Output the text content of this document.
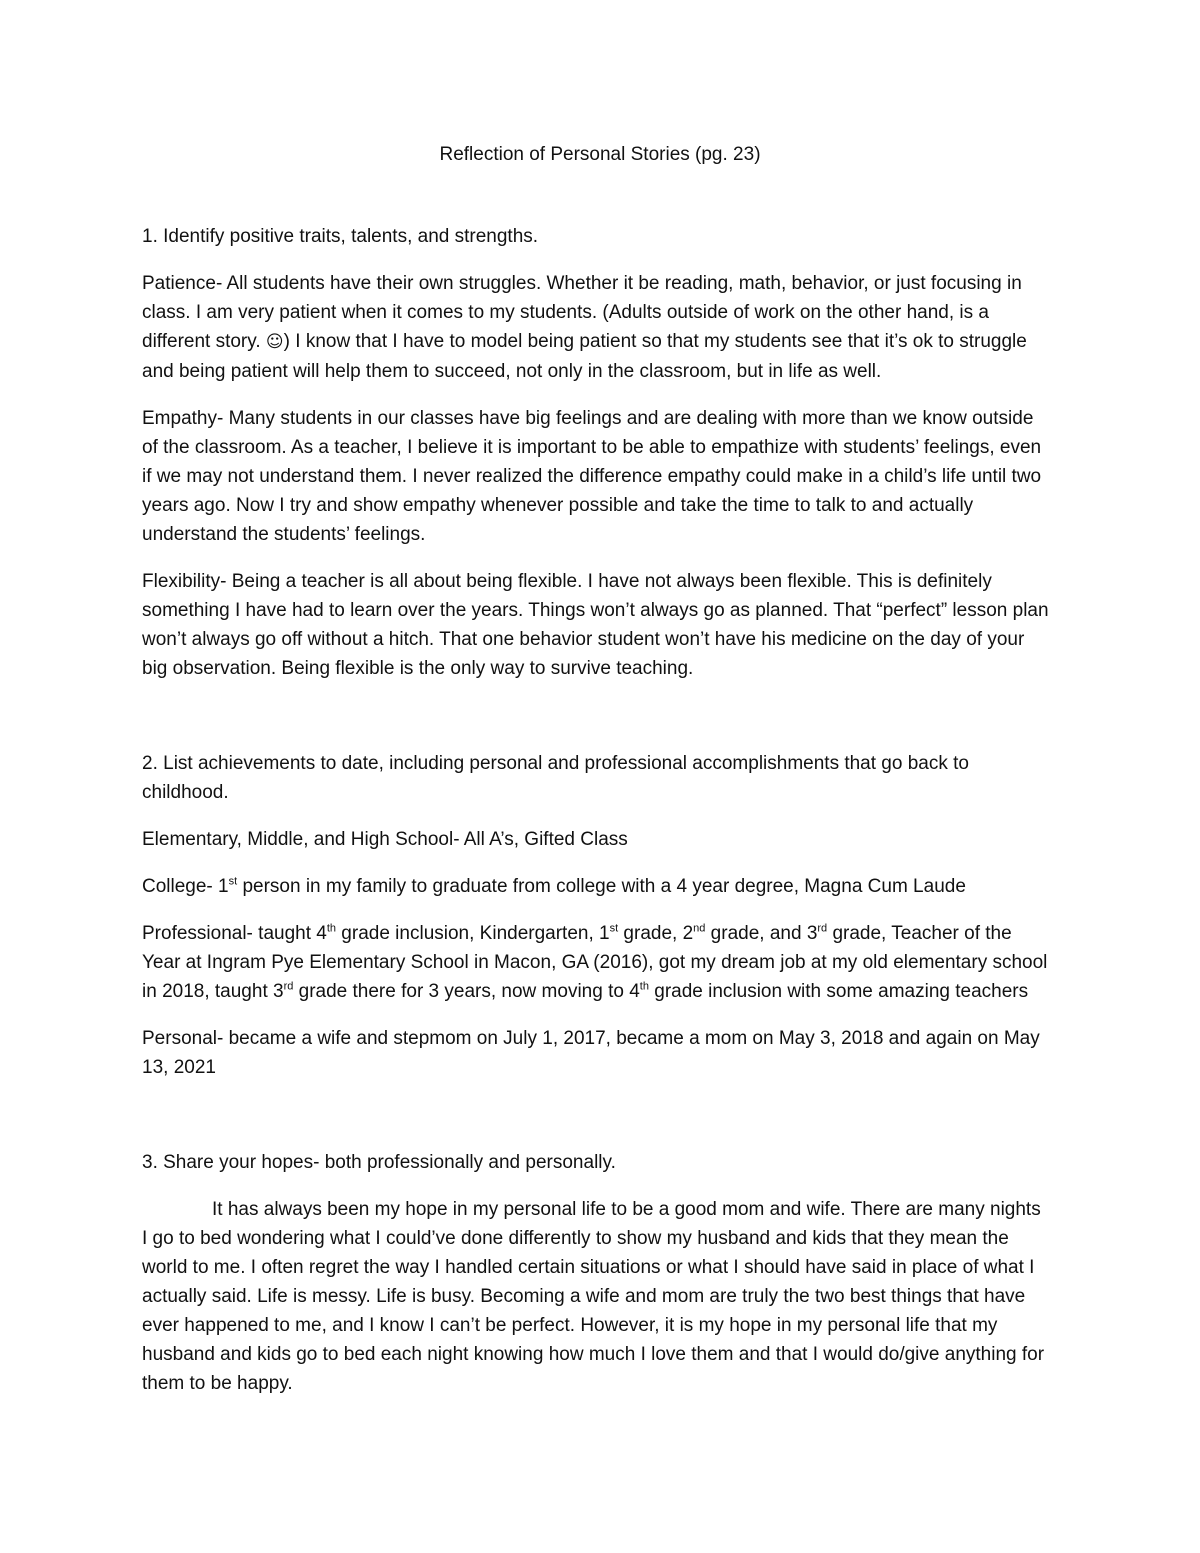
Reflection of Personal Stories (pg. 23)

1. Identify positive traits, talents, and strengths.

Patience- All students have their own struggles. Whether it be reading, math, behavior, or just focusing in class. I am very patient when it comes to my students. (Adults outside of work on the other hand, is a different story. ☺) I know that I have to model being patient so that my students see that it’s ok to struggle and being patient will help them to succeed, not only in the classroom, but in life as well.

Empathy- Many students in our classes have big feelings and are dealing with more than we know outside of the classroom. As a teacher, I believe it is important to be able to empathize with students’ feelings, even if we may not understand them. I never realized the difference empathy could make in a child’s life until two years ago. Now I try and show empathy whenever possible and take the time to talk to and actually understand the students’ feelings.

Flexibility- Being a teacher is all about being flexible. I have not always been flexible. This is definitely something I have had to learn over the years. Things won’t always go as planned. That “perfect” lesson plan won’t always go off without a hitch. That one behavior student won’t have his medicine on the day of your big observation. Being flexible is the only way to survive teaching.

2. List achievements to date, including personal and professional accomplishments that go back to childhood.

Elementary, Middle, and High School- All A’s, Gifted Class

College- 1st person in my family to graduate from college with a 4 year degree, Magna Cum Laude

Professional- taught 4th grade inclusion, Kindergarten, 1st grade, 2nd grade, and 3rd grade, Teacher of the Year at Ingram Pye Elementary School in Macon, GA (2016), got my dream job at my old elementary school in 2018, taught 3rd grade there for 3 years, now moving to 4th grade inclusion with some amazing teachers

Personal- became a wife and stepmom on July 1, 2017, became a mom on May 3, 2018 and again on May 13, 2021

3. Share your hopes- both professionally and personally.

It has always been my hope in my personal life to be a good mom and wife. There are many nights I go to bed wondering what I could’ve done differently to show my husband and kids that they mean the world to me. I often regret the way I handled certain situations or what I should have said in place of what I actually said. Life is messy. Life is busy. Becoming a wife and mom are truly the two best things that have ever happened to me, and I know I can’t be perfect. However, it is my hope in my personal life that my husband and kids go to bed each night knowing how much I love them and that I would do/give anything for them to be happy.
